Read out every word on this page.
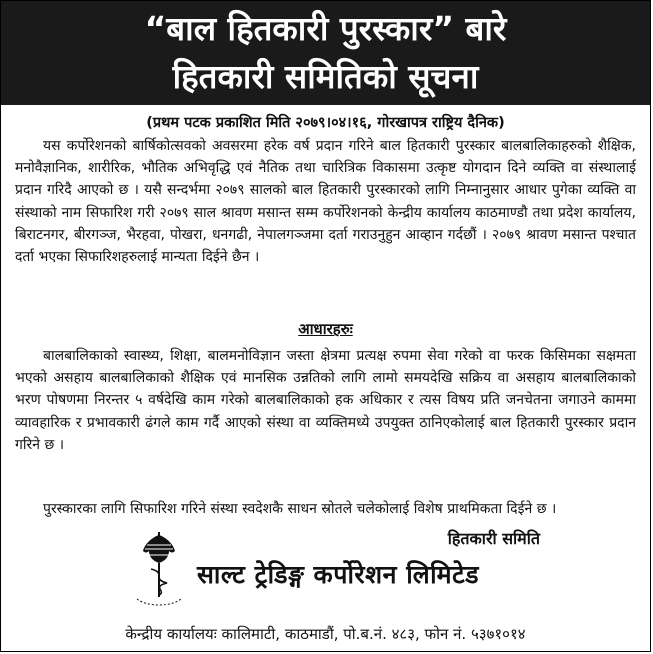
“बाल हितकारी पुरस्कार” बारे
हितकारी समितिको सूचना
(प्रथम पटक प्रकाशित मिति २०७९।०४।१६, गोरखापत्र राष्ट्रिय दैनिक)
यस कर्पोरेशनको बार्षिकोत्सवको अवसरमा हरेक वर्ष प्रदान गरिने बाल हितकारी पुरस्कार बालबालिकाहरुको शैक्षिक, मनोवैज्ञानिक, शारीरिक, भौतिक अभिवृद्धि एवं नैतिक तथा चारित्रिक विकासमा उत्कृष्ट योगदान दिने व्यक्ति वा संस्थालाई प्रदान गरिदै आएको छ । यसै सन्दर्भमा २०७९ सालको बाल हितकारी पुरस्कारको लागि निम्नानुसार आधार पुगेका व्यक्ति वा संस्थाको नाम सिफारिश गरी २०७९ साल श्रावण मसान्त सम्म कर्पोरेशनको केन्द्रीय कार्यालय काठमाण्डौ तथा प्रदेश कार्यालय, बिराटनगर, बीरगञ्ज, भैरहवा, पोखरा, धनगढी, नेपालगञ्जमा दर्ता गराउनुहुन आव्हान गर्दछौं । २०७९ श्रावण मसान्त पश्चात दर्ता भएका सिफारिशहरुलाई मान्यता दिईने छैन ।
आधारहरुः
बालबालिकाको स्वास्थ्य, शिक्षा, बालमनोविज्ञान जस्ता क्षेत्रमा प्रत्यक्ष रुपमा सेवा गरेको वा फरक किसिमका सक्षमता भएको असहाय बालबालिकाको शैक्षिक एवं मानसिक उन्नतिको लागि लामो समयदेखि सक्रिय वा असहाय बालबालिकाको भरण पोषणमा निरन्तर ५ वर्षदेखि काम गरेको बालबालिकाको हक अधिकार र त्यस विषय प्रति जनचेतना जगाउने काममा व्यावहारिक र प्रभावकारी ढंगले काम गर्दै आएको संस्था वा व्यक्तिमध्ये उपयुक्त ठानिएकोलाई बाल हितकारी पुरस्कार प्रदान गरिने छ ।
पुरस्कारका लागि सिफारिश गरिने संस्था स्वदेशकै साधन स्रोतले चलेकोलाई विशेष प्राथमिकता दिईने छ ।
हितकारी समिति
साल्ट ट्रेडिङ्ग कर्पोरेशन लिमिटेड
केन्द्रीय कार्यालयः कालिमाटी, काठमाडौं, पो.ब.नं. ४८३, फोन नं. ५३७१०१४
